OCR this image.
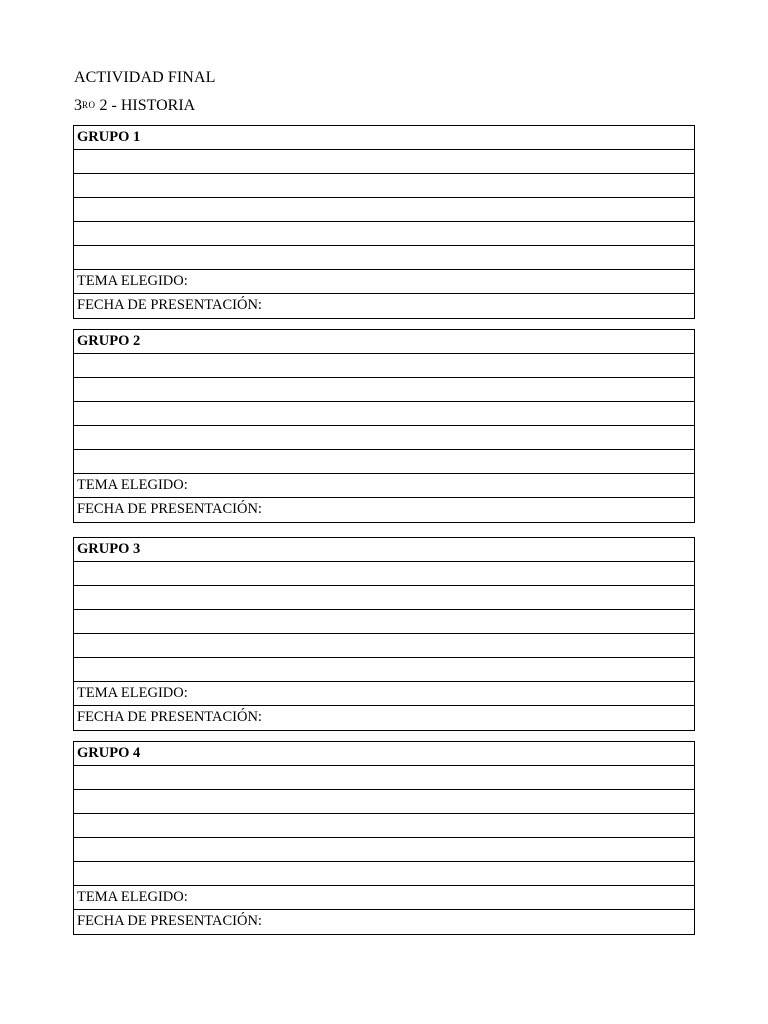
ACTIVIDAD FINAL
$3^{RO}$ 2 - HISTORIA
GRUPO 1
TEMA ELEGIDO:
FECHA DE PRESENTACIÓN:
GRUPO 2
TEMA ELEGIDO:
FECHA DE PRESENTACIÓN:
GRUPO 3
TEMA ELEGIDO:
FECHA DE PRESENTACIÓN:
GRUPO 4
TEMA ELEGIDO:
FECHA DE PRESENTACIÓN:
